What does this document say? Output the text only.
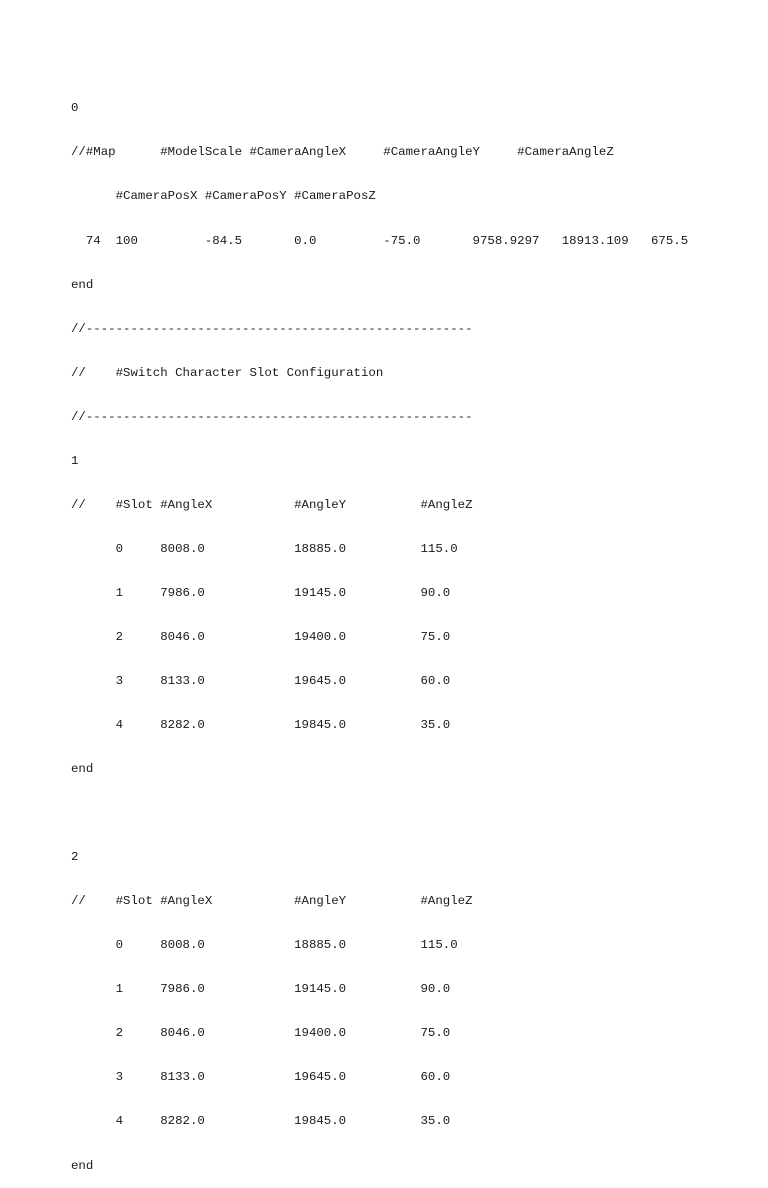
0

//#Map      #ModelScale #CameraAngleX     #CameraAngleY     #CameraAngleZ

#CameraPosX #CameraPosY #CameraPosZ

74  100         -84.5       0.0         -75.0       9758.9297   18913.109   675.5

end

//----------------------------------------------------

//    #Switch Character Slot Configuration

//----------------------------------------------------

1

//    #Slot #AngleX           #AngleY          #AngleZ

0     8008.0            18885.0          115.0

1     7986.0            19145.0          90.0

2     8046.0            19400.0          75.0

3     8133.0            19645.0          60.0

4     8282.0            19845.0          35.0

end

2

//    #Slot #AngleX           #AngleY          #AngleZ

0     8008.0            18885.0          115.0

1     7986.0            19145.0          90.0

2     8046.0            19400.0          75.0

3     8133.0            19645.0          60.0

4     8282.0            19845.0          35.0

end
